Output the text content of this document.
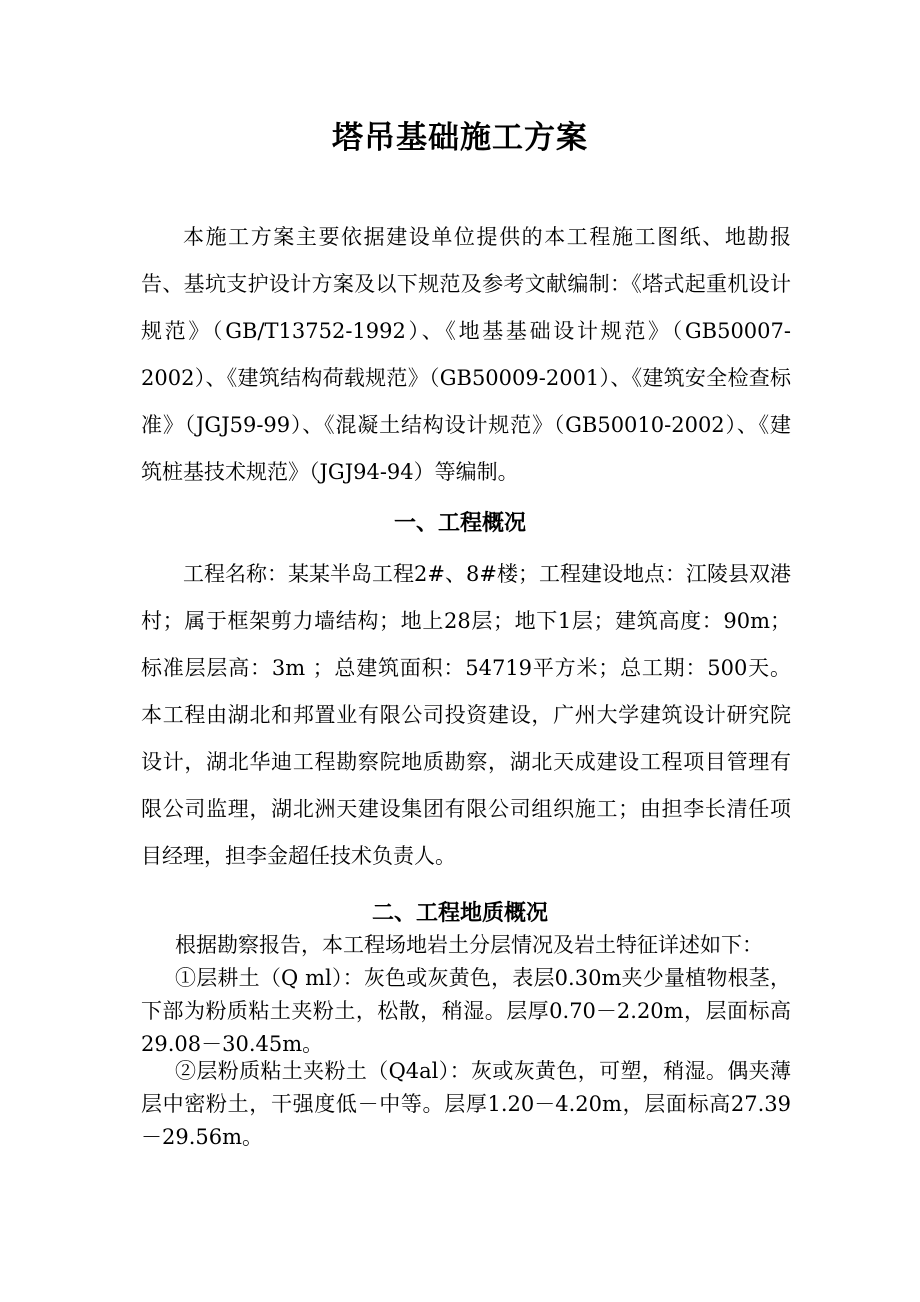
塔吊基础施工方案

本施工方案主要依据建设单位提供的本工程施工图纸、地勘报告、基坑支护设计方案及以下规范及参考文献编制：《塔式起重机设计规范》（GB/T13752-1992）、《地基基础设计规范》（GB50007-2002）、《建筑结构荷载规范》（GB50009-2001）、《建筑安全检查标准》（JGJ59-99）、《混凝土结构设计规范》（GB50010-2002）、《建筑桩基技术规范》（JGJ94-94）等编制。

一、工程概况

工程名称：某某半岛工程2#、8#楼；工程建设地点：江陵县双港村；属于框架剪力墙结构；地上28层；地下1层；建筑高度：90m；标准层层高：3m ；总建筑面积：54719平方米；总工期：500天。本工程由湖北和邦置业有限公司投资建设，广州大学建筑设计研究院设计，湖北华迪工程勘察院地质勘察，湖北天成建设工程项目管理有限公司监理，湖北洲天建设集团有限公司组织施工；由担李长清任项目经理，担李金超任技术负责人。

二、工程地质概况

根据勘察报告，本工程场地岩土分层情况及岩土特征详述如下：

①层耕土（Q ml）：灰色或灰黄色，表层0.30m夹少量植物根茎，下部为粉质粘土夹粉土，松散，稍湿。层厚0.70－2.20m，层面标高29.08－30.45m。

②层粉质粘土夹粉土（Q4al）：灰或灰黄色，可塑，稍湿。偶夹薄层中密粉土，干强度低－中等。层厚1.20－4.20m，层面标高27.39－29.56m。
